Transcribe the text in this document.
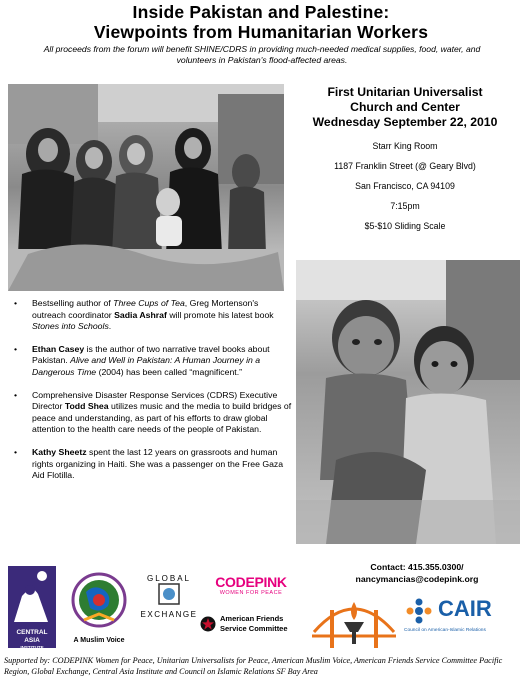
Inside Pakistan and Palestine:
Viewpoints from Humanitarian Workers
All proceeds from the forum will benefit SHINE/CDRS in providing much-needed medical supplies, food, water, and volunteers in Pakistan's flood-affected areas.
First Unitarian Universalist
Church and Center
Wednesday September 22, 2010
Starr King Room
1187 Franklin Street (@ Geary Blvd)
San Francisco, CA 94109
7:15pm
$5-$10 Sliding Scale
• Bestselling author of Three Cups of Tea, Greg Mortenson's outreach coordinator Sadia Ashraf will promote his latest book Stones into Schools.
• Ethan Casey is the author of two narrative travel books about Pakistan. Alive and Well in Pakistan: A Human Journey in a Dangerous Time (2004) has been called “magnificent.”
• Comprehensive Disaster Response Services (CDRS) Executive Director Todd Shea utilizes music and the media to build bridges of peace and understanding, as part of his efforts to draw global attention to the health care needs of the people of Pakistan.
• Kathy Sheetz spent the last 12 years on grassroots and human rights organizing in Haiti. She was a passenger on the Free Gaza Aid Flotilla.
Contact: 415.355.0300/
nancymancias@codepink.org
CENTRAL
ASIA
INSTITUTE
A Muslim Voice
GLOBAL
EXCHANGE
CODEPINK
WOMEN FOR PEACE
American Friends
Service Committee
CAIR
Council on American-Islamic Relations
Supported by: CODEPINK Women for Peace, Unitarian Universalists for Peace, American Muslim Voice, American Friends Service Committee Pacific Region, Global Exchange, Central Asia Institute and Council on Islamic Relations SF Bay Area
